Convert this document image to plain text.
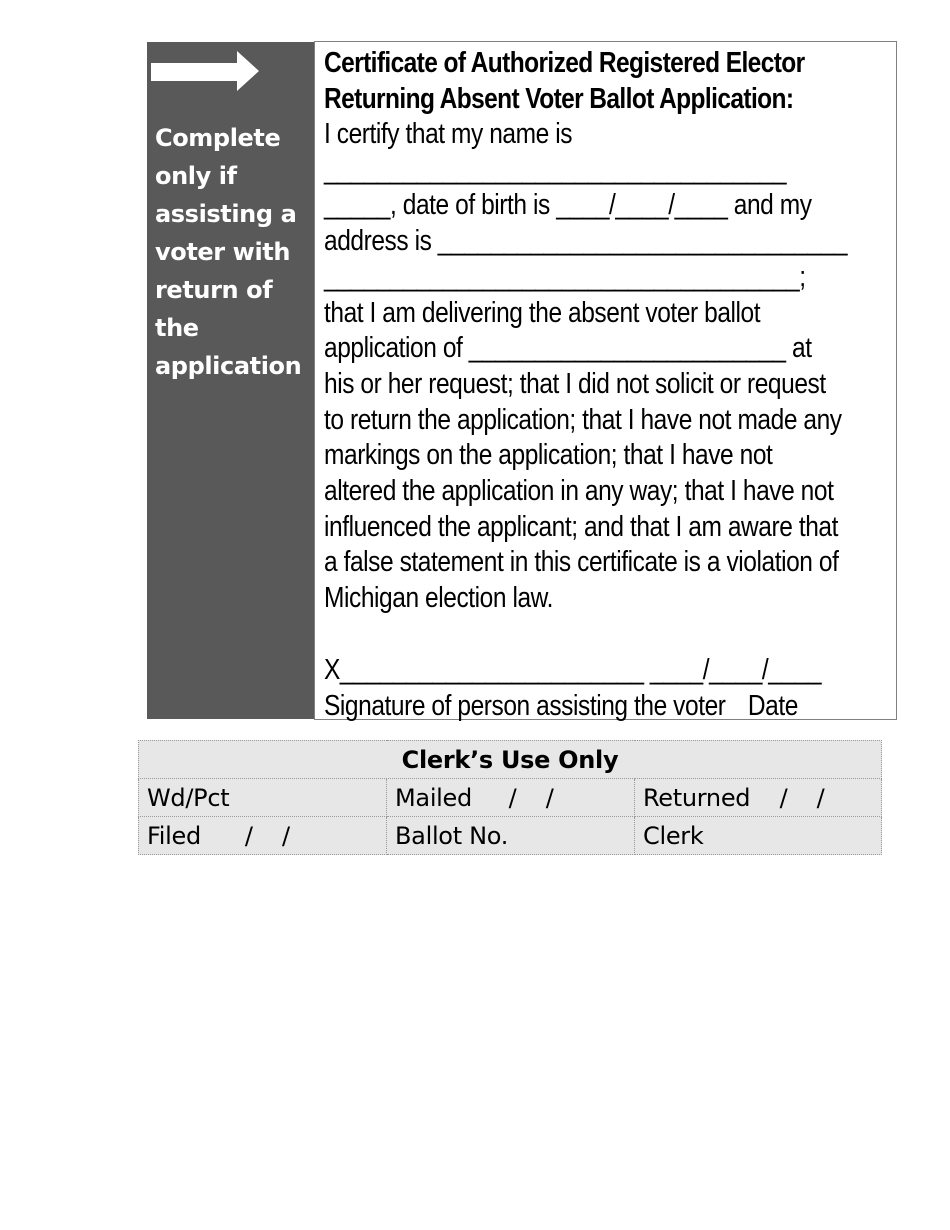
Complete
only if
assisting a
voter with
return of
the
application
Certificate of Authorized Registered Elector
Returning Absent Voter Ballot Application:
I certify that my name is
___________________________________
_____, date of birth is ____/____/____ and my
address is _______________________________
____________________________________;
that I am delivering the absent voter ballot
application of ________________________ at
his or her request; that I did not solicit or request
to return the application; that I have not made any
markings on the application; that I have not
altered the application in any way; that I have not
influenced the applicant; and that I am aware that
a false statement in this certificate is a violation of
Michigan election law.
X_______________________ ____/____/____
Signature of person assisting the voter Date
Clerk’s Use Only		
Wd/Pct	Mailed     /    /	Returned    /    /
Filed      /    /	Ballot No.	Clerk
